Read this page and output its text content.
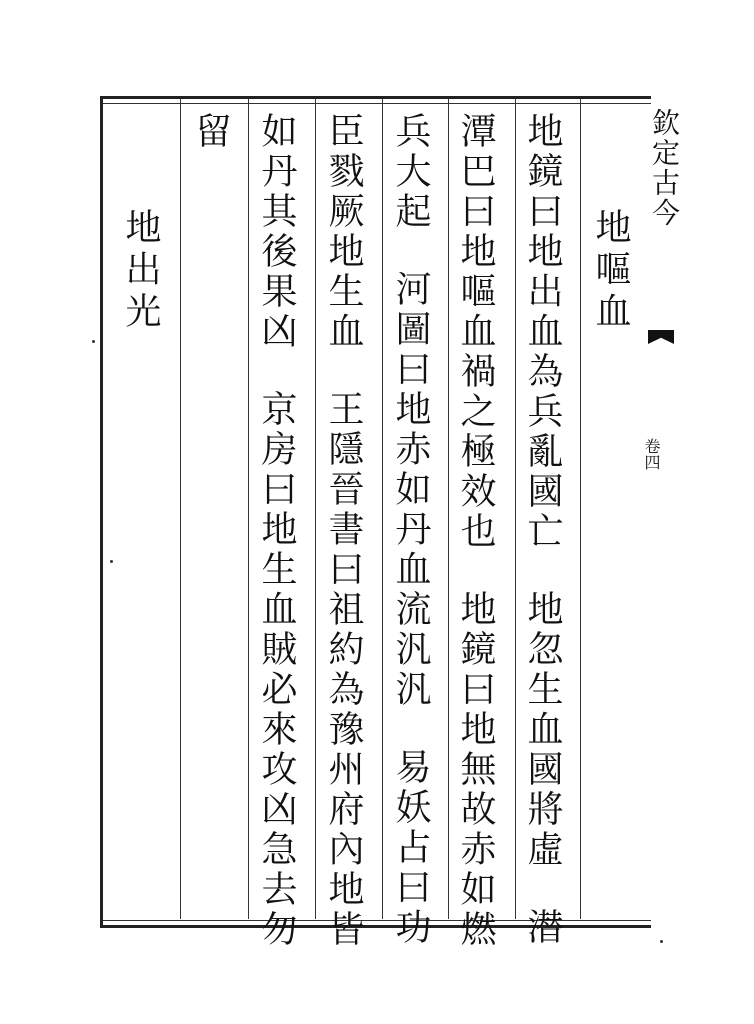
欽定古今
卷四
地嘔血
地鏡曰地出血為兵亂國亡地忽生血國將虛潜
潭巴曰地嘔血禍之極效也地鏡曰地無故赤如燃
兵大起河圖曰地赤如丹血流汎汎易妖占曰功
臣戮厥地生血王隱晉書曰祖約為豫州府內地皆
如丹其後果凶京房曰地生血賊必來攻凶急去勿
留
地出光
